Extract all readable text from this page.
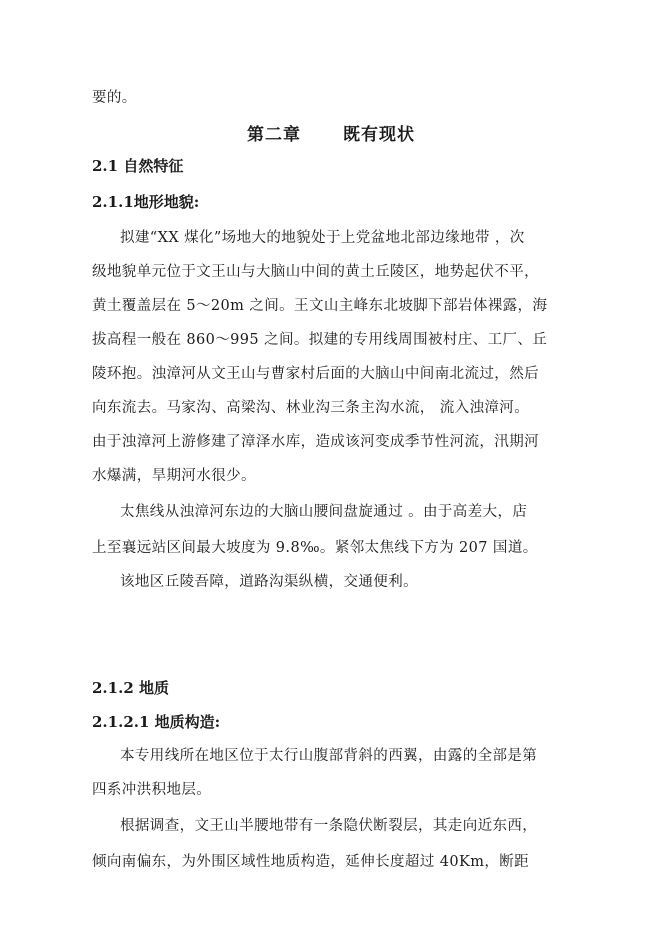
要的。
第二章 既有现状
2.1 自然特征
2.1.1地形地貌:
拟建“XX 煤化”场地大的地貌处于上党盆地北部边缘地带 ，次
级地貌单元位于文王山与大脑山中间的黄土丘陵区，地势起伏不平，
黄土覆盖层在 5～20m 之间。王文山主峰东北坡脚下部岩体裸露，海
拔高程一般在 860～995 之间。拟建的专用线周围被村庄、工厂、丘
陵环抱。浊漳河从文王山与曹家村后面的大脑山中间南北流过，然后
向东流去。马家沟、高梁沟、林业沟三条主沟水流， 流入浊漳河。
由于浊漳河上游修建了漳泽水库，造成该河变成季节性河流，汛期河
水爆满，旱期河水很少。
太焦线从浊漳河东边的大脑山腰间盘旋通过 。由于高差大，店
上至襄远站区间最大坡度为 9.8‰。紧邻太焦线下方为 207 国道。
该地区丘陵吾障，道路沟渠纵横，交通便利。
2.1.2 地质
2.1.2.1 地质构造:
本专用线所在地区位于太行山腹部背斜的西翼，由露的全部是第
四系冲洪积地层。
根据调查，文王山半腰地带有一条隐伏断裂层，其走向近东西，
倾向南偏东，为外围区域性地质构造，延伸长度超过 40Km，断距
